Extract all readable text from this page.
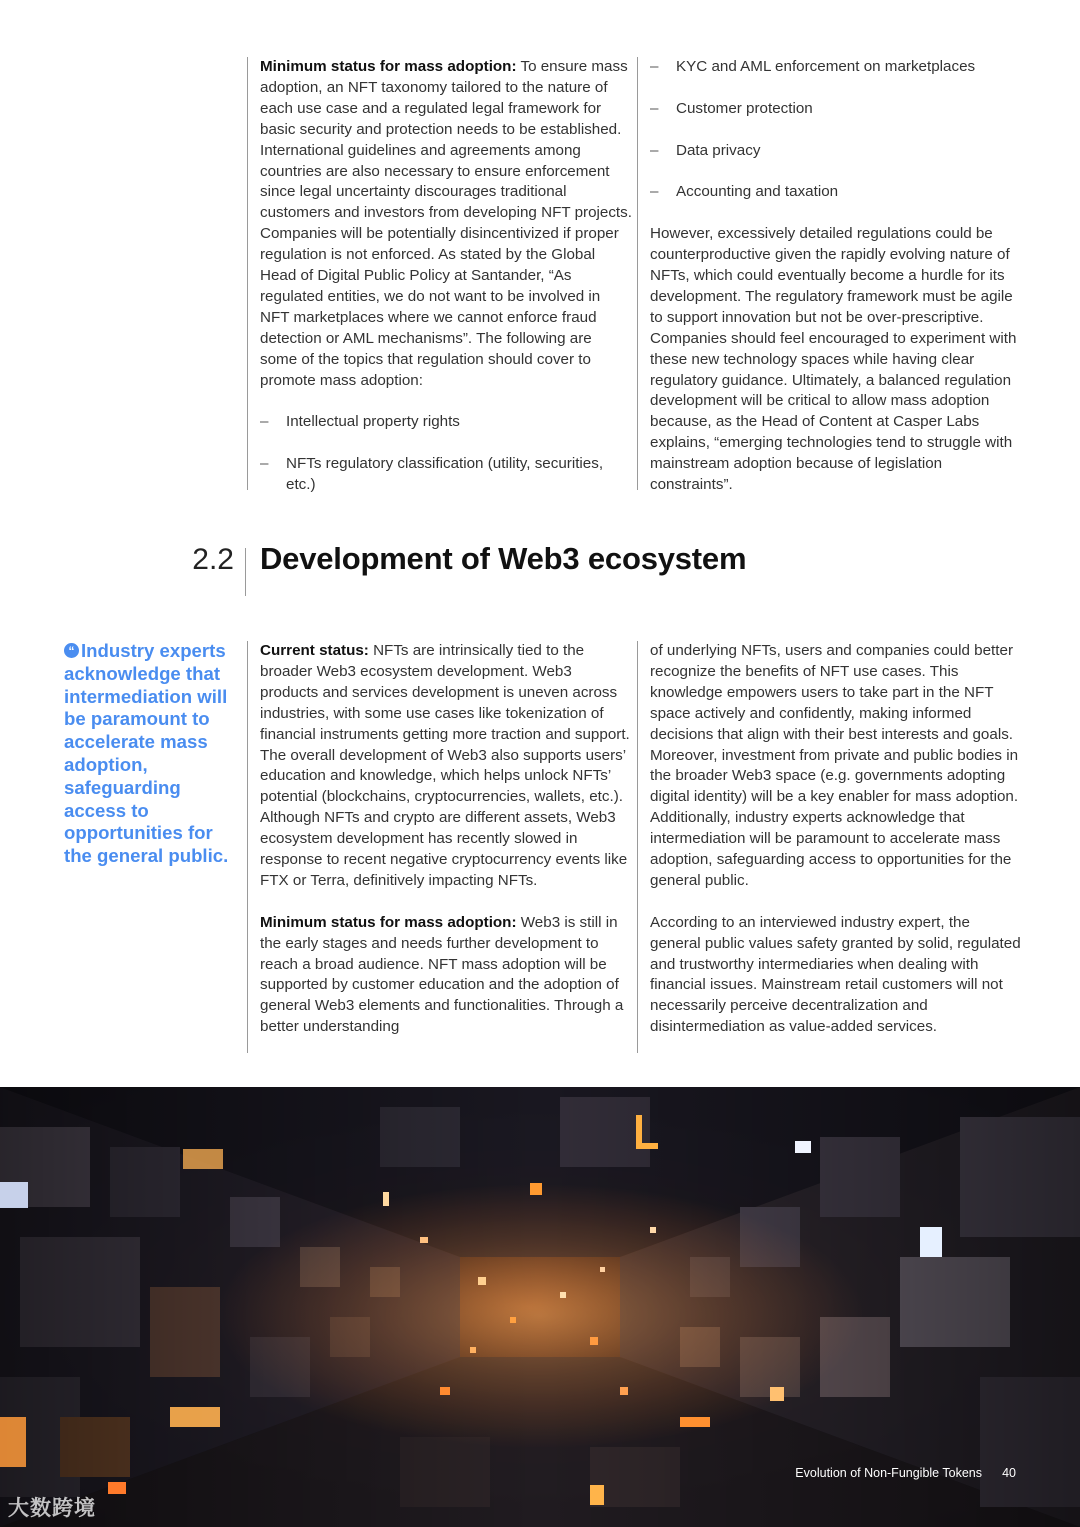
Minimum status for mass adoption: To ensure mass adoption, an NFT taxonomy tailored to the nature of each use case and a regulated legal framework for basic security and protection needs to be established. International guidelines and agreements among countries are also necessary to ensure enforcement since legal uncertainty discourages traditional customers and investors from developing NFT projects. Companies will be potentially disincentivized if proper regulation is not enforced. As stated by the Global Head of Digital Public Policy at Santander, “As regulated entities, we do not want to be involved in NFT marketplaces where we cannot enforce fraud detection or AML mechanisms”. The following are some of the topics that regulation should cover to promote mass adoption:

– Intellectual property rights
– NFTs regulatory classification (utility, securities, etc.)
– KYC and AML enforcement on marketplaces
– Customer protection
– Data privacy
– Accounting and taxation

However, excessively detailed regulations could be counterproductive given the rapidly evolving nature of NFTs, which could eventually become a hurdle for its development. The regulatory framework must be agile to support innovation but not be over-prescriptive. Companies should feel encouraged to experiment with these new technology spaces while having clear regulatory guidance. Ultimately, a balanced regulation development will be critical to allow mass adoption because, as the Head of Content at Casper Labs explains, “emerging technologies tend to struggle with mainstream adoption because of legislation constraints”.

2.2 Development of Web3 ecosystem
“ Industry experts acknowledge that intermediation will be paramount to accelerate mass adoption, safeguarding access to opportunities for the general public.

Current status: NFTs are intrinsically tied to the broader Web3 ecosystem development. Web3 products and services development is uneven across industries, with some use cases like tokenization of financial instruments getting more traction and support. The overall development of Web3 also supports users’ education and knowledge, which helps unlock NFTs’ potential (blockchains, cryptocurrencies, wallets, etc.). Although NFTs and crypto are different assets, Web3 ecosystem development has recently slowed in response to recent negative cryptocurrency events like FTX or Terra, definitively impacting NFTs.

Minimum status for mass adoption: Web3 is still in the early stages and needs further development to reach a broad audience. NFT mass adoption will be supported by customer education and the adoption of general Web3 elements and functionalities. Through a better understanding

of underlying NFTs, users and companies could better recognize the benefits of NFT use cases. This knowledge empowers users to take part in the NFT space actively and confidently, making informed decisions that align with their best interests and goals. Moreover, investment from private and public bodies in the broader Web3 space (e.g. governments adopting digital identity) will be a key enabler for mass adoption. Additionally, industry experts acknowledge that intermediation will be paramount to accelerate mass adoption, safeguarding access to opportunities for the general public.

According to an interviewed industry expert, the general public values safety granted by solid, regulated and trustworthy intermediaries when dealing with financial issues. Mainstream retail customers will not necessarily perceive decentralization and disintermediation as value-added services.

Evolution of Non-Fungible Tokens 40
大数跨境
